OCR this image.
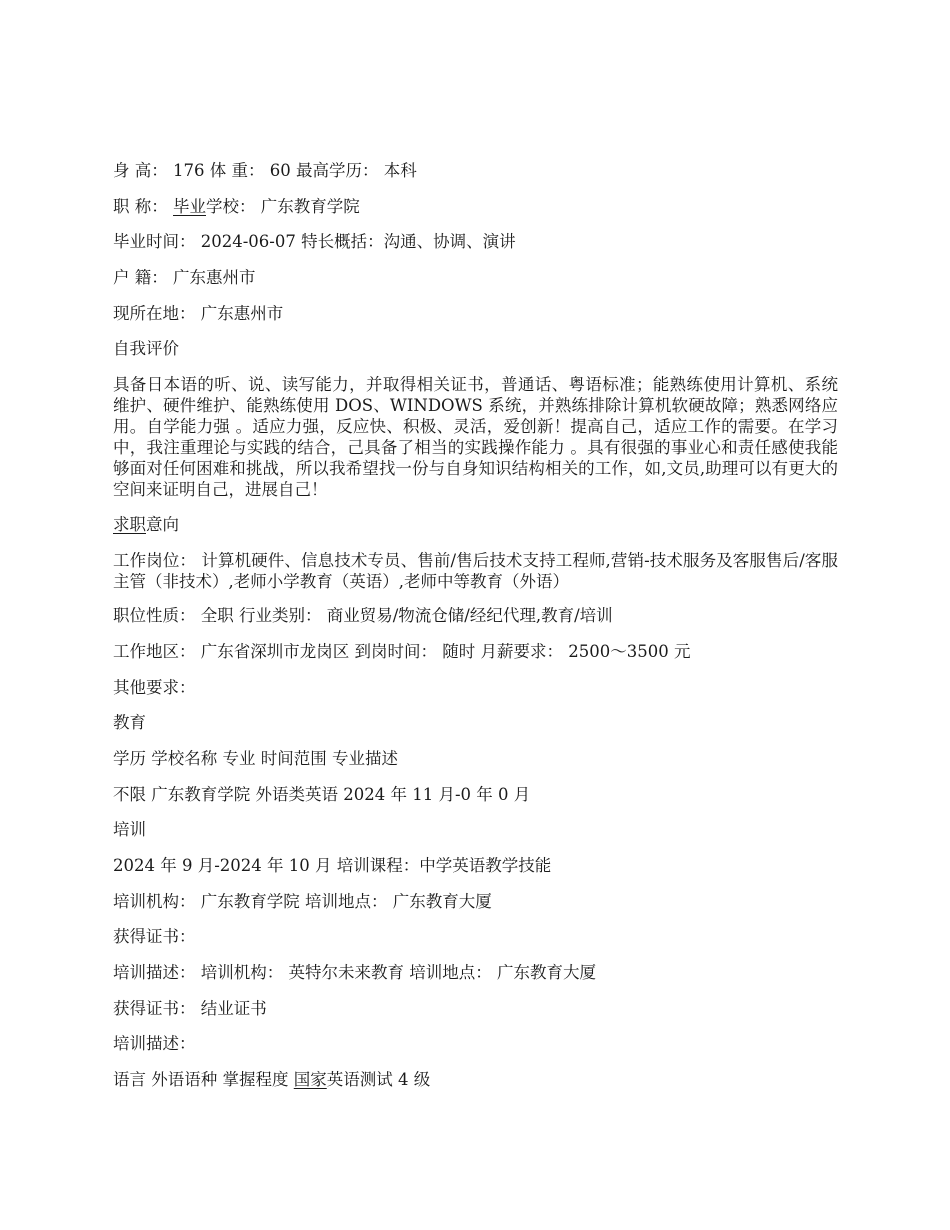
身 高： 176 体 重： 60 最高学历： 本科
职 称： 毕业学校： 广东教育学院
毕业时间： 2024-06-07 特长概括：沟通、协调、演讲
户 籍： 广东惠州市
现所在地： 广东惠州市
自我评价
具备日本语的听、说、读写能力，并取得相关证书，普通话、粤语标准；能熟练使用计算机、系统维护、硬件维护、能熟练使用 DOS、WINDOWS 系统，并熟练排除计算机软硬故障；熟悉网络应用。自学能力强 。适应力强，反应快、积极、灵活，爱创新！提高自己，适应工作的需要。在学习中，我注重理论与实践的结合，己具备了相当的实践操作能力 。具有很强的事业心和责任感使我能够面对任何困难和挑战，所以我希望找一份与自身知识结构相关的工作，如,文员,助理可以有更大的空间来证明自己，进展自己！
求职意向
工作岗位： 计算机硬件、信息技术专员、售前/售后技术支持工程师,营销-技术服务及客服售后/客服主管（非技术）,老师小学教育（英语）,老师中等教育（外语）
职位性质： 全职 行业类别： 商业贸易/物流仓储/经纪代理,教育/培训
工作地区： 广东省深圳市龙岗区 到岗时间： 随时 月薪要求： 2500～3500 元
其他要求：
教育
学历 学校名称 专业 时间范围 专业描述
不限 广东教育学院 外语类英语 2024 年 11 月-0 年 0 月
培训
2024 年 9 月-2024 年 10 月 培训课程：中学英语教学技能
培训机构： 广东教育学院 培训地点： 广东教育大厦
获得证书：
培训描述： 培训机构： 英特尔未来教育 培训地点： 广东教育大厦
获得证书： 结业证书
培训描述：
语言 外语语种 掌握程度 国家英语测试 4 级
